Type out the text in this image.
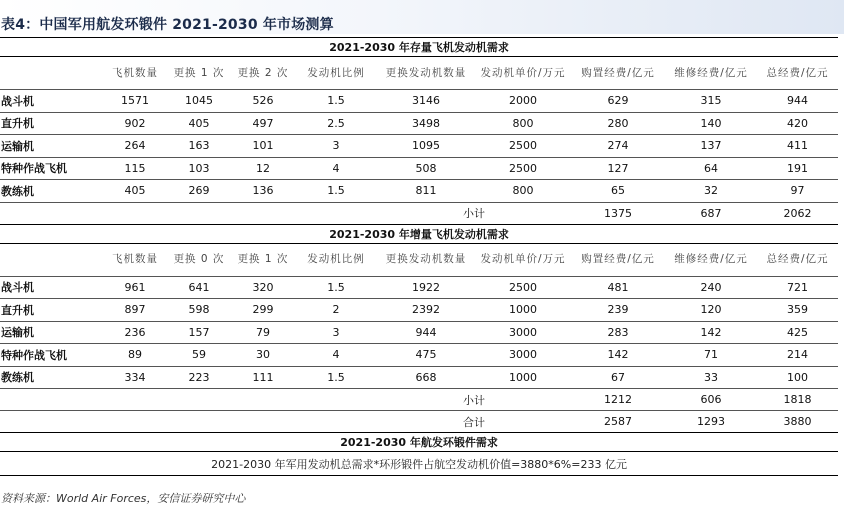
表4：中国军用航发环锻件 2021-2030 年市场测算
2021-2030 年存量飞机发动机需求									
	飞机数量	更换 1 次	更换 2 次	发动机比例	更换发动机数量	发动机单价/万元	购置经费/亿元	维修经费/亿元	总经费/亿元
战斗机	1571	1045	526	1.5	3146	2000	629	315	944
直升机	902	405	497	2.5	3498	800	280	140	420
运输机	264	163	101	3	1095	2500	274	137	411
特种作战飞机	115	103	12	4	508	2500	127	64	191
教练机	405	269	136	1.5	811	800	65	32	97
					小计		1375	687	2062
2021-2030 年增量飞机发动机需求									
	飞机数量	更换 0 次	更换 1 次	发动机比例	更换发动机数量	发动机单价/万元	购置经费/亿元	维修经费/亿元	总经费/亿元
战斗机	961	641	320	1.5	1922	2500	481	240	721
直升机	897	598	299	2	2392	1000	239	120	359
运输机	236	157	79	3	944	3000	283	142	425
特种作战飞机	89	59	30	4	475	3000	142	71	214
教练机	334	223	111	1.5	668	1000	67	33	100
					小计		1212	606	1818
					合计		2587	1293	3880
2021-2030 年航发环锻件需求									
2021-2030 年军用发动机总需求*环形锻件占航空发动机价值=3880*6%=233 亿元									
资料来源：World Air Forces，安信证券研究中心
